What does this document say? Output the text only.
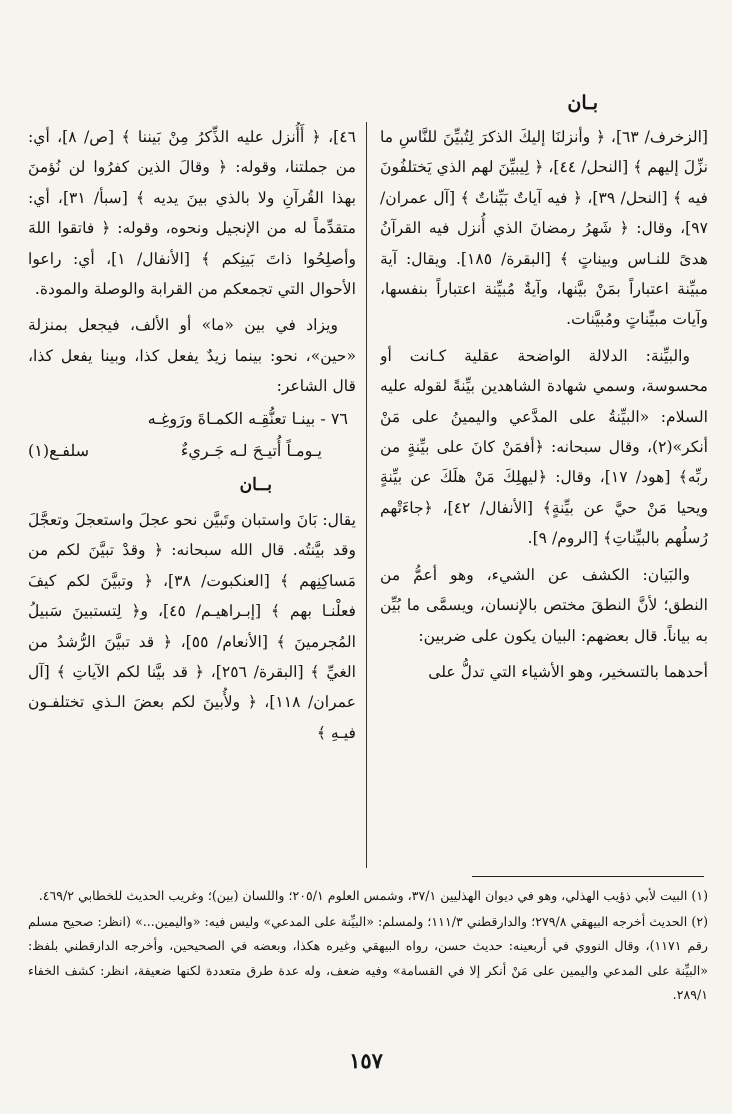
بـان

٤٦]، ﴿ أَأُنزل عليه الذِّكرُ مِنْ بَيننا ﴾ [ص/ ٨]، أي: من جملتنا، وقوله: ﴿ وقالَ الذين كفرُوا لن نُؤمنَ بهذا القُرآنِ ولا بالذي بينَ يديه ﴾ [سبأ/ ٣١]، أي: متقدِّماً له من الإنجيل ونحوه، وقوله: ﴿ فاتقوا اللهَ وأصلِحُوا ذاتَ بَينِكم ﴾ [الأنفال/ ١]، أي: راعوا الأحوال التي تجمعكم من القرابة والوصلة والمودة.

ويزاد في بين «ما» أو الألف، فيجعل بمنزلة «حين»، نحو: بينما زيدٌ يفعل كذا، وبينا يفعل كذا، قال الشاعر:

٧٦ - بينـا تعنُّقِـه الكمـاةَ ورَوغِـه
يـومـاً أُتيـحَ لـه جَـريءٌ
سلفـع(١)
بــان

يقال: بَانَ واستبان وتَبيَّن نحو عجلَ واستعجلَ وتعجَّلَ وقد بيَّنتُه. قال الله سبحانه: ﴿ وقدْ تبيَّنَ لكم من مَساكِنِهم ﴾ [العنكبوت/ ٣٨]، ﴿ وتبيَّنَ لكم كيفَ فعلْنـا بهم ﴾ [إبـراهيـم/ ٤٥]، و﴿ لِتستبينَ سَبيلُ المُجرمينَ ﴾ [الأنعام/ ٥٥]، ﴿ قد تبيَّنَ الرُّشدُ من الغيِّ ﴾ [البقرة/ ٢٥٦]، ﴿ قد بيَّنا لكم الآياتِ ﴾ [آل عمران/ ١١٨]، ﴿ ولأُبينَ لكم بعضَ الـذي تختلفـون فيـهِ ﴾

[الزخرف/ ٦٣]، ﴿ وأنزلنَا إليكَ الذكرَ لِتُبيِّنَ للنَّاسِ ما نزِّلَ إليهم ﴾ [النحل/ ٤٤]، ﴿ لِيبيِّنَ لهم الذي يَختلفُونَ فيه ﴾ [النحل/ ٣٩]، ﴿ فيه آياتٌ بَيِّناتٌ ﴾ [آل عمران/ ٩٧]، وقال: ﴿ شَهرُ رمضانَ الذي أُنزل فيه القرآنُ هدىً للنـاس وبيناتٍ ﴾ [البقرة/ ١٨٥]. ويقال: آية مبيِّنة اعتباراً بمَنْ بيَّنها، وآيةٌ مُبيِّنة اعتباراً بنفسها، وآيات مبيِّناتٍ ومُبيَّنات.

والبيِّنة: الدلالة الواضحة عقلية كـانت أو محسوسة، وسمي شهادة الشاهدين بيِّنةً لقوله عليه السلام: «البيِّنةُ على المدَّعي واليمينُ على مَنْ أنكر»(٢)، وقال سبحانه: ﴿أفمَنْ كانَ على بيِّنةٍ من ربِّه﴾ [هود/ ١٧]، وقال: ﴿ليهلِكَ مَنْ هلَكَ عن بيِّنةٍ ويحيا مَنْ حيَّ عن بيِّنةٍ﴾ [الأنفال/ ٤٢]، ﴿جاءَتْهم رُسلُهم بالبيِّناتِ﴾ [الروم/ ٩].

والبَيان: الكشف عن الشيء، وهو أعمُّ من النطق؛ لأنَّ النطقَ مختص بالإنسان، ويسمَّى ما بُيِّن به بياناً. قال بعضهم: البيان يكون على ضربين:

أحدهما بالتسخير، وهو الأشياء التي تدلُّ على

(١) البيت لأبي ذؤيب الهذلي، وهو في ديوان الهذليين ٣٧/١، وشمس العلوم ٢٠٥/١؛ واللسان (بين)؛ وغريب الحديث للخطابي ٤٦٩/٢.

(٢) الحديث أخرجه البيهقي ٢٧٩/٨؛ والدارقطني ١١١/٣؛ ولمسلم: «البيِّنة على المدعي» وليس فيه: «واليمين...» (انظر: صحيح مسلم رقم ١١٧١)، وقال النووي في أربعينه: حديث حسن، رواه البيهقي وغيره هكذا، وبعضه في الصحيحين، وأخرجه الدارقطني بلفظ: «البيِّنة على المدعي واليمين على مَنْ أنكر إلا في القسامة» وفيه ضعف، وله عدة طرق متعددة لكنها ضعيفة، انظر: كشف الخفاء ٢٨٩/١.

١٥٧
